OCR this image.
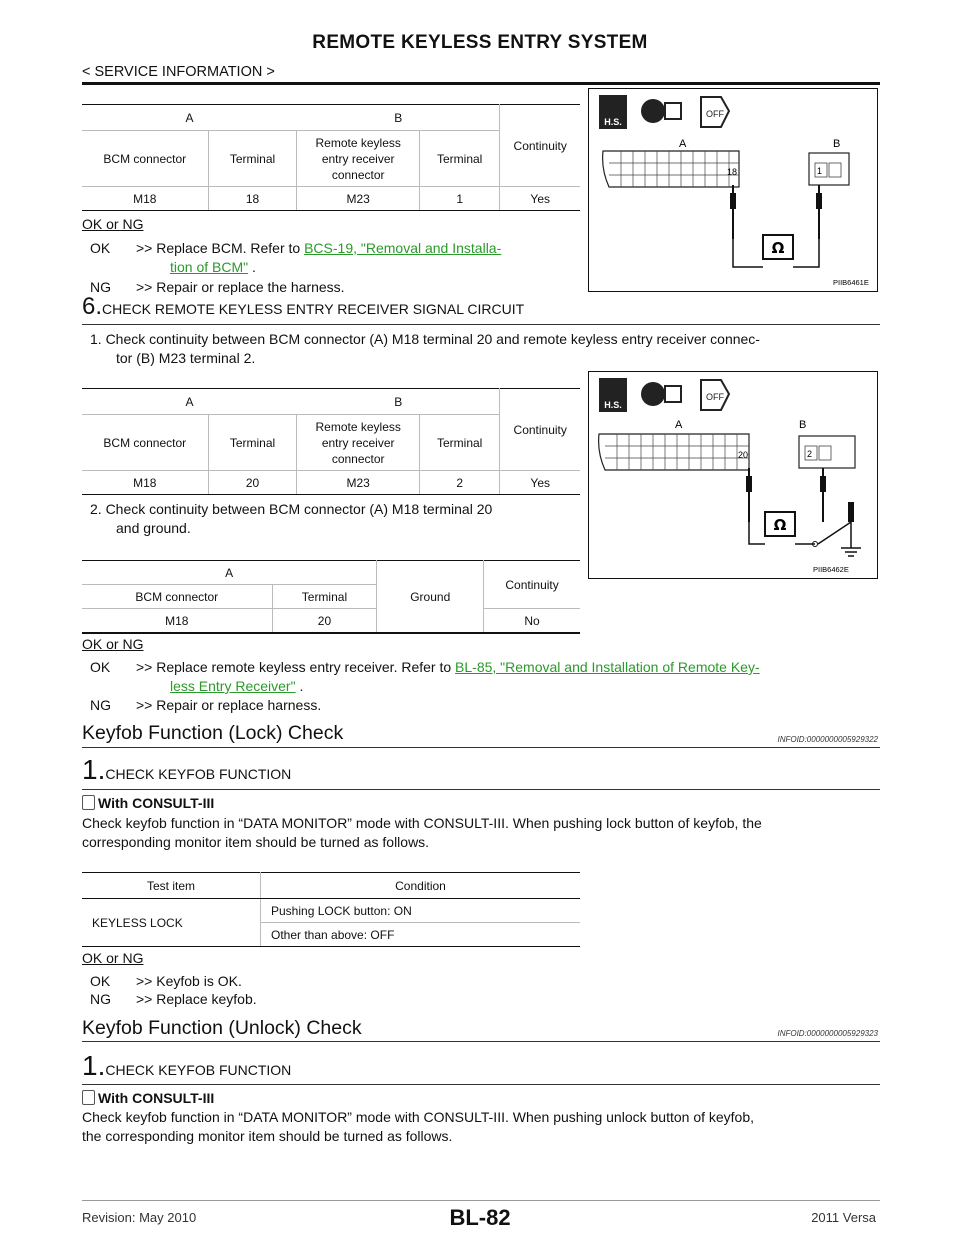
REMOTE KEYLESS ENTRY SYSTEM
< SERVICE INFORMATION >
A		B		Continuity
BCM connector	Terminal	Remote keyless
entry receiver
connector	Terminal	
M18	18	M23	1	Yes
H.S.
OFF
A	B
18	1
Ω
PIIB6461E
OK or NG
OK >> Replace BCM. Refer to BCS-19, "Removal and Installa-
tion of BCM" .
NG >> Repair or replace the harness.
6.CHECK REMOTE KEYLESS ENTRY RECEIVER SIGNAL CIRCUIT
1. Check continuity between BCM connector (A) M18 terminal 20 and remote keyless entry receiver connec-
tor (B) M23 terminal 2.
A		B		Continuity
BCM connector	Terminal	Remote keyless
entry receiver
connector	Terminal	
M18	20	M23	2	Yes
H.S.
OFF
A	B
20	2
Ω
PIIB6462E
2. Check continuity between BCM connector (A) M18 terminal 20
and ground.
A		Ground	Continuity
BCM connector	Terminal		
M18	20		No
OK or NG
OK >> Replace remote keyless entry receiver. Refer to BL-85, "Removal and Installation of Remote Key-
less Entry Receiver" .
NG >> Repair or replace harness.
Keyfob Function (Lock) Check	INFOID:0000000005929322
1.CHECK KEYFOB FUNCTION
With CONSULT-III
Check keyfob function in “DATA MONITOR” mode with CONSULT-III. When pushing lock button of keyfob, the
corresponding monitor item should be turned as follows.
Test item	Condition
KEYLESS LOCK	Pushing LOCK button: ON
	Other than above: OFF
OK or NG
OK >> Keyfob is OK.
NG >> Replace keyfob.
Keyfob Function (Unlock) Check	INFOID:0000000005929323
1.CHECK KEYFOB FUNCTION
With CONSULT-III
Check keyfob function in “DATA MONITOR” mode with CONSULT-III. When pushing unlock button of keyfob,
the corresponding monitor item should be turned as follows.
Revision: May 2010	BL-82	2011 Versa
